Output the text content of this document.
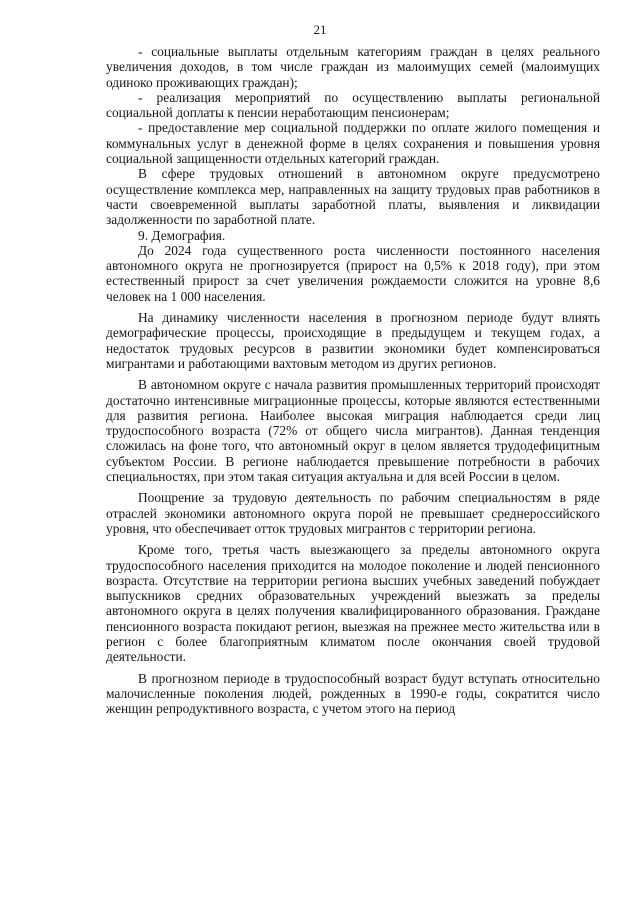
21

- социальные выплаты отдельным категориям граждан в целях реального увеличения доходов, в том числе граждан из малоимущих семей (малоимущих одиноко проживающих граждан);

- реализация мероприятий по осуществлению выплаты региональной социальной доплаты к пенсии неработающим пенсионерам;

- предоставление мер социальной поддержки по оплате жилого помещения и коммунальных услуг в денежной форме в целях сохранения и повышения уровня социальной защищенности отдельных категорий граждан.

В сфере трудовых отношений в автономном округе предусмотрено осуществление комплекса мер, направленных на защиту трудовых прав работников в части своевременной выплаты заработной платы, выявления и ликвидации задолженности по заработной плате.

9. Демография.

До 2024 года существенного роста численности постоянного населения автономного округа не прогнозируется (прирост на 0,5% к 2018 году), при этом естественный прирост за счет увеличения рождаемости сложится на уровне 8,6 человек на 1 000 населения.

На динамику численности населения в прогнозном периоде будут влиять демографические процессы, происходящие в предыдущем и текущем годах, а недостаток трудовых ресурсов в развитии экономики будет компенсироваться мигрантами и работающими вахтовым методом из других регионов.

В автономном округе с начала развития промышленных территорий происходят достаточно интенсивные миграционные процессы, которые являются естественными для развития региона. Наиболее высокая миграция наблюдается среди лиц трудоспособного возраста (72% от общего числа мигрантов). Данная тенденция сложилась на фоне того, что автономный округ в целом является трудодефицитным субъектом России. В регионе наблюдается превышение потребности в рабочих специальностях, при этом такая ситуация актуальна и для всей России в целом.

Поощрение за трудовую деятельность по рабочим специальностям в ряде отраслей экономики автономного округа порой не превышает среднероссийского уровня, что обеспечивает отток трудовых мигрантов с территории региона.

Кроме того, третья часть выезжающего за пределы автономного округа трудоспособного населения приходится на молодое поколение и людей пенсионного возраста. Отсутствие на территории региона высших учебных заведений побуждает выпускников средних образовательных учреждений выезжать за пределы автономного округа в целях получения квалифицированного образования. Граждане пенсионного возраста покидают регион, выезжая на прежнее место жительства или в регион с более благоприятным климатом после окончания своей трудовой деятельности.

В прогнозном периоде в трудоспособный возраст будут вступать относительно малочисленные поколения людей, рожденных в 1990-е годы, сократится число женщин репродуктивного возраста, с учетом этого на период
